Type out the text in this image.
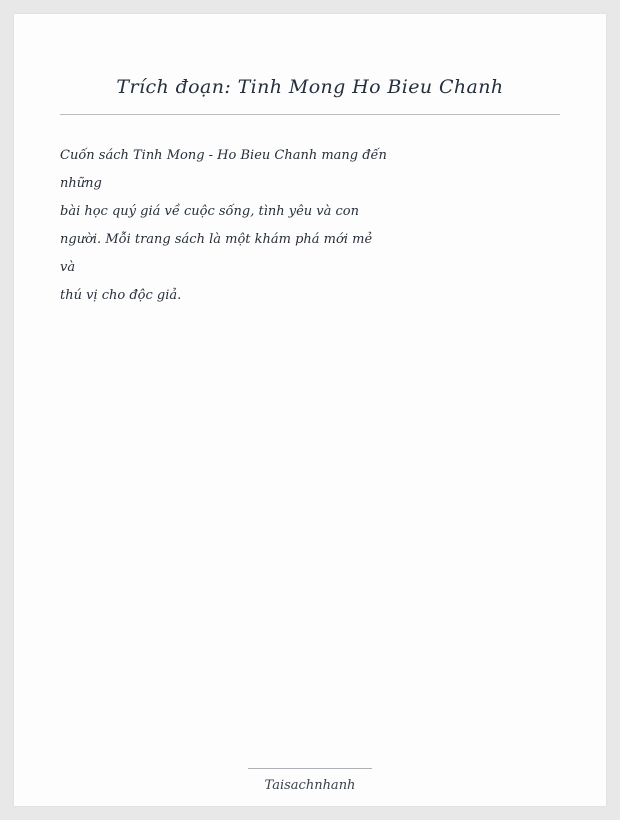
Trích đoạn: Tinh Mong Ho Bieu Chanh
Cuốn sách Tinh Mong - Ho Bieu Chanh mang đến
những
bài học quý giá về cuộc sống, tình yêu và con
người. Mỗi trang sách là một khám phá mới mẻ
và
thú vị cho độc giả.
Taisachnhanh
